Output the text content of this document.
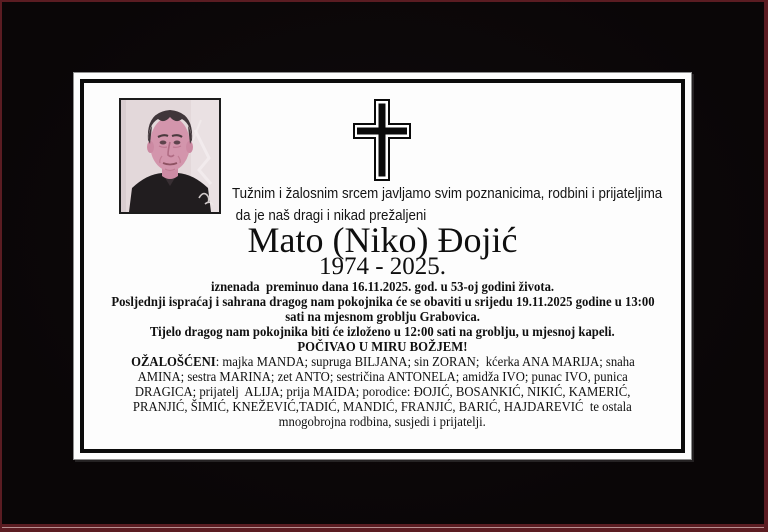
Tužnim i žalosnim srcem javljamo svim poznanicima, rodbini i prijateljima
da je naš dragi i nikad prežaljeni
Mato (Niko) Đojić
1974 - 2025.
iznenada  preminuo dana 16.11.2025. god. u 53-oj godini života.
Posljednji ispraćaj i sahrana dragog nam pokojnika će se obaviti u srijedu 19.11.2025 godine u 13:00
sati na mjesnom groblju Grabovica.
Tijelo dragog nam pokojnika biti će izloženo u 12:00 sati na groblju, u mjesnoj kapeli.
POČIVAO U MIRU BOŽJEM!
OŽALOŠĆENI: majka MANDA; supruga BILJANA; sin ZORAN;  kćerka ANA MARIJA; snaha
AMINA; sestra MARINA; zet ANTO; sestričina ANTONELA; amidža IVO; punac IVO, punica
DRAGICA; prijatelj  ALIJA; prija MAIDA; porodice: ĐOJIĆ, BOSANKIĆ, NIKIĆ, KAMERIĆ,
PRANJIĆ, ŠIMIĆ, KNEŽEVIĆ,TADIĆ, MANDIĆ, FRANJIĆ, BARIĆ, HAJDAREVIĆ  te ostala
mnogobrojna rodbina, susjedi i prijatelji.
